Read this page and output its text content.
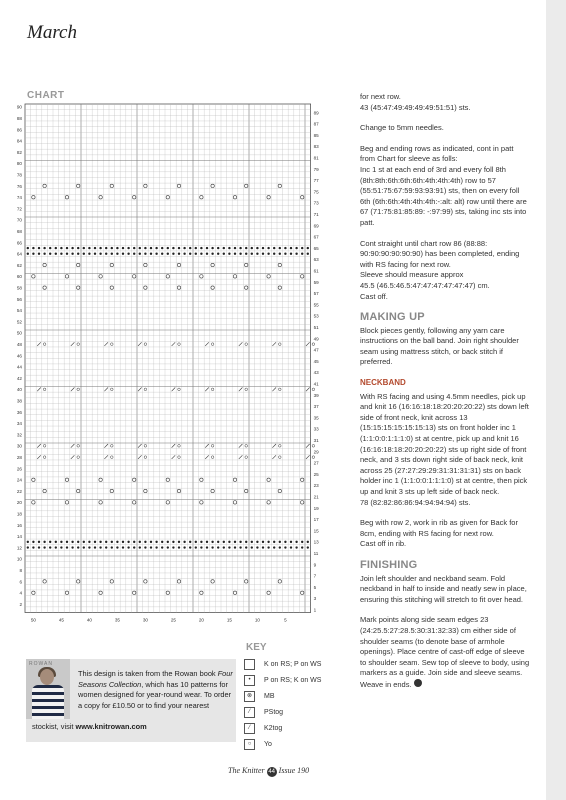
March
CHART
90
88
86
84
82
80
78
76
74
72
70
68
66
64
62
60
58
56
54
52
50
48
46
44
42
40
38
36
34
32
30
28
26
24
22
20
18
16
14
12
10
8
6
4
2
89
87
85
83
81
79
77
75
73
71
69
67
65
63
61
59
57
55
53
51
49
47
45
43
41
39
37
35
33
31
29
27
25
23
21
19
17
15
13
11
9
7
5
3
1
50	45	40	35	30	25	20	15	10	5
KEY
K on RS; P on WS
•	P on RS; K on WS
⊗	MB
⁄	PStog
⁄	K2tog
○	Yo
ROWAN
This design is taken from the Rowan book Four Seasons Collection, which has 10 patterns for women designed for year-round wear. To order a copy for £10.50 or to find your nearest
stockist, visit www.knitrowan.com

for next row.
43 (45:47:49:49:49:49:51:51) sts.

Change to 5mm needles.

Beg and ending rows as indicated, cont in patt from Chart for sleeve as folls:
Inc 1 st at each end of 3rd and every foll 8th (8th:8th:6th:6th:6th:4th:4th:4th) row to 57 (55:51:75:67:59:93:93:91) sts, then on every foll 6th (6th:6th:4th:4th:4th:-:alt: alt) row until there are 67 (71:75:81:85:89: -:97:99) sts, taking inc sts into patt.

Cont straight until chart row 86 (88:88: 90:90:90:90:90:90) has been completed, ending with RS facing for next row.
Sleeve should measure approx
45.5 (46.5:46.5:47:47:47:47:47:47) cm.
Cast off.

MAKING UP

Block pieces gently, following any yarn care instructions on the ball band. Join right shoulder seam using mattress stitch, or back stitch if preferred.

NECKBAND

With RS facing and using 4.5mm needles, pick up and knit 16 (16:16:18:18:20:20:20:22) sts down left side of front neck, knit across 13 (15:15:15:15:15:15:13) sts on front holder inc 1 (1:1:0:0:1:1:1:0) st at centre, pick up and knit 16 (16:16:18:18:20:20:20:22) sts up right side of front neck, and 3 sts down right side of back neck, knit across 25 (27:27:29:29:31:31:31:31) sts on back holder inc 1 (1:1:0:0:1:1:1:0) st at centre, then pick up and knit 3 sts up left side of back neck.
78 (82:82:86:86:94:94:94:94) sts.

Beg with row 2, work in rib as given for Back for 8cm, ending with RS facing for next row.
Cast off in rib.

FINISHING

Join left shoulder and neckband seam. Fold neckband in half to inside and neatly sew in place, ensuring this stitching will stretch to fit over head.

Mark points along side seam edges 23 (24:25.5:27:28.5:30:31:32:33) cm either side of shoulder seams (to denote base of armhole openings). Place centre of cast-off edge of sleeve to shoulder seam. Sew top of sleeve to body, using markers as a guide. Join side and sleeve seams. Weave in ends.

The Knitter 44 Issue 190
